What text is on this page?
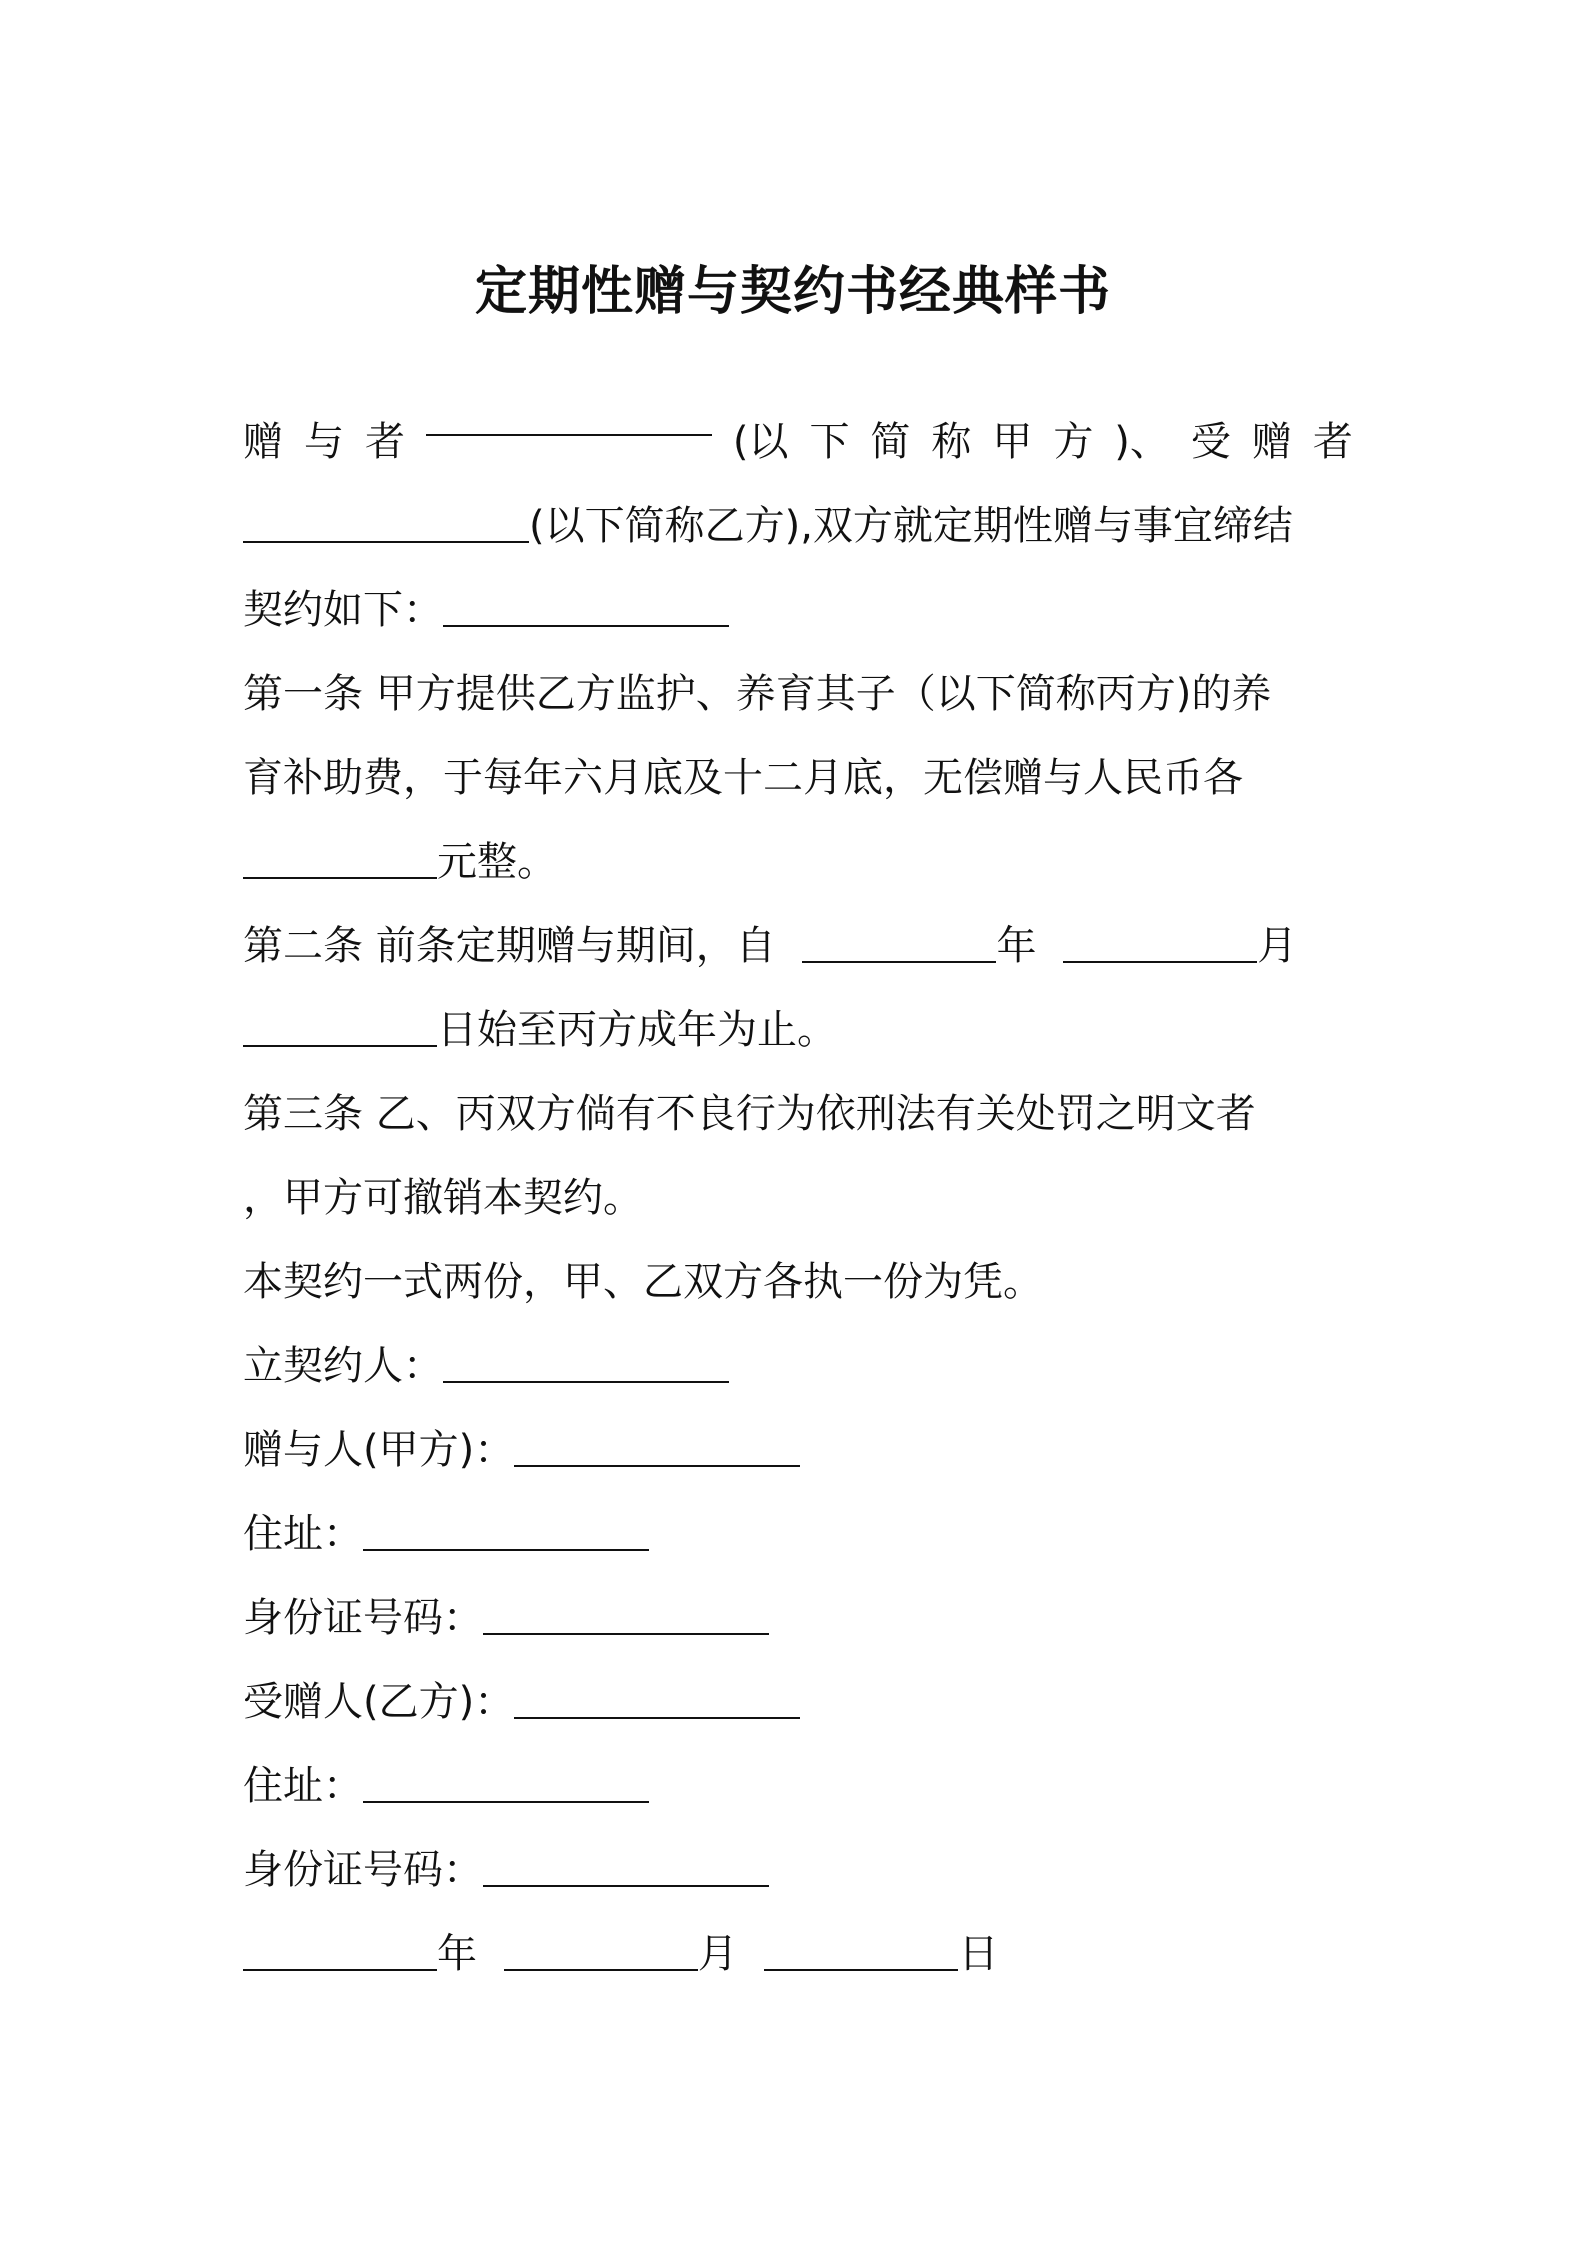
定期性赠与契约书经典样书
赠 与 者	(以 下 简 称 甲 方 )、 受 赠 者
(以下简称乙方),双方就定期性赠与事宜缔结
契约如下：
第一条 甲方提供乙方监护、养育其子（以下简称丙方)的养
育补助费，于每年六月底及十二月底，无偿赠与人民币各
元整。
第二条 前条定期赠与期间，自	年	月
日始至丙方成年为止。
第三条 乙、丙双方倘有不良行为依刑法有关处罚之明文者
，甲方可撤销本契约。
本契约一式两份，甲、乙双方各执一份为凭。
立契约人：
赠与人(甲方)：
住址：
身份证号码：
受赠人(乙方)：
住址：
身份证号码：
年	月	日
